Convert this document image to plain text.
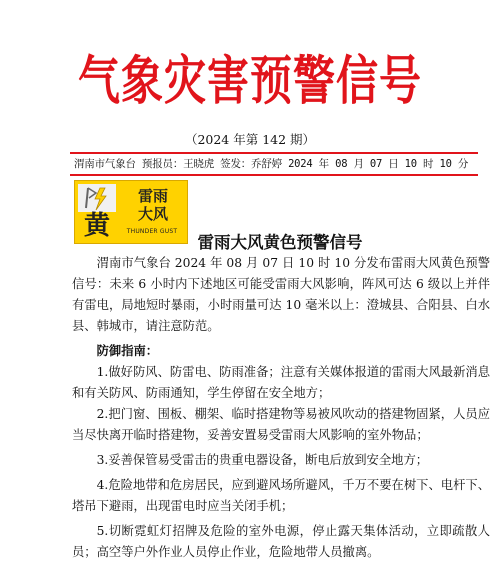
气象灾害预警信号
（2024 年第 142 期）
渭南市气象台 预报员：王晓虎 签发：乔舒婷 2024 年 08 月 07 日 10 时 10 分
黄
雷雨
大风
THUNDER GUST
雷雨大风黄色预警信号

渭南市气象台 2024 年 08 月 07 日 10 时 10 分发布雷雨大风黄色预警信号：未来 6 小时内下述地区可能受雷雨大风影响，阵风可达 6 级以上并伴有雷电，局地短时暴雨，小时雨量可达 10 毫米以上：澄城县、合阳县、白水县、韩城市，请注意防范。

防御指南：

1.做好防风、防雷电、防雨准备；注意有关媒体报道的雷雨大风最新消息和有关防风、防雨通知，学生停留在安全地方；

2.把门窗、围板、棚架、临时搭建物等易被风吹动的搭建物固紧，人员应当尽快离开临时搭建物，妥善安置易受雷雨大风影响的室外物品；

3.妥善保管易受雷击的贵重电器设备，断电后放到安全地方；

4.危险地带和危房居民，应到避风场所避风，千万不要在树下、电杆下、塔吊下避雨，出现雷电时应当关闭手机；

5.切断霓虹灯招牌及危险的室外电源，停止露天集体活动，立即疏散人员；高空等户外作业人员停止作业，危险地带人员撤离。
